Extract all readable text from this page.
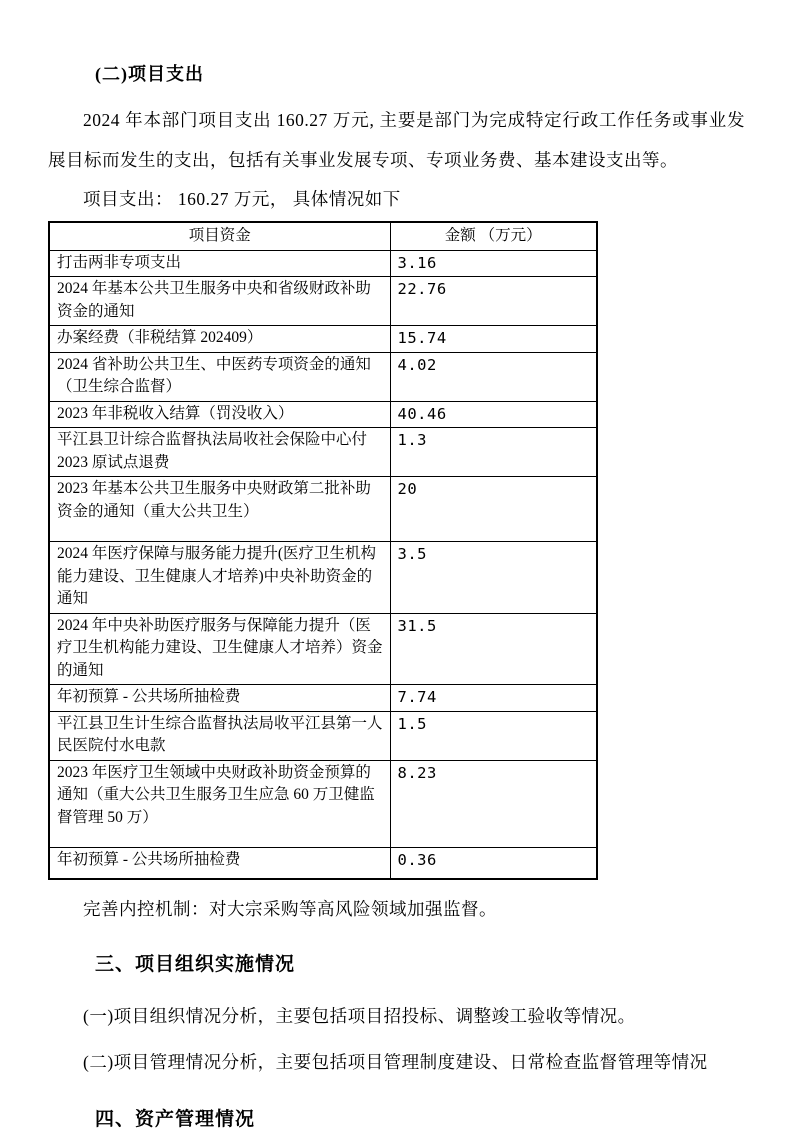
(二)项目支出

2024 年本部门项目支出 160.27 万元, 主要是部门为完成特定行政工作任务或事业发展目标而发生的支出，包括有关事业发展专项、专项业务费、基本建设支出等。

项目支出： 160.27 万元， 具体情况如下

项目资金	金额 （万元）
打击两非专项支出	3.16
2024 年基本公共卫生服务中央和省级财政补助资金的通知	22.76
办案经费（非税结算 202409）	15.74
2024 省补助公共卫生、中医药专项资金的通知（卫生综合监督）	4.02
2023 年非税收入结算（罚没收入）	40.46
平江县卫计综合监督执法局收社会保险中心付 2023 原试点退费	1.3
2023 年基本公共卫生服务中央财政第二批补助资金的通知（重大公共卫生）	20
2024 年医疗保障与服务能力提升(医疗卫生机构能力建设、卫生健康人才培养)中央补助资金的通知	3.5
2024 年中央补助医疗服务与保障能力提升（医疗卫生机构能力建设、卫生健康人才培养）资金的通知	31.5
年初预算 - 公共场所抽检费	7.74
平江县卫生计生综合监督执法局收平江县第一人民医院付水电款	1.5
2023 年医疗卫生领域中央财政补助资金预算的通知（重大公共卫生服务卫生应急 60 万卫健监督管理 50 万）	8.23
年初预算 - 公共场所抽检费	0.36

完善内控机制：对大宗采购等高风险领域加强监督。

三、项目组织实施情况

(一)项目组织情况分析，主要包括项目招投标、调整竣工验收等情况。

(二)项目管理情况分析，主要包括项目管理制度建设、日常检查监督管理等情况

四、资产管理情况
